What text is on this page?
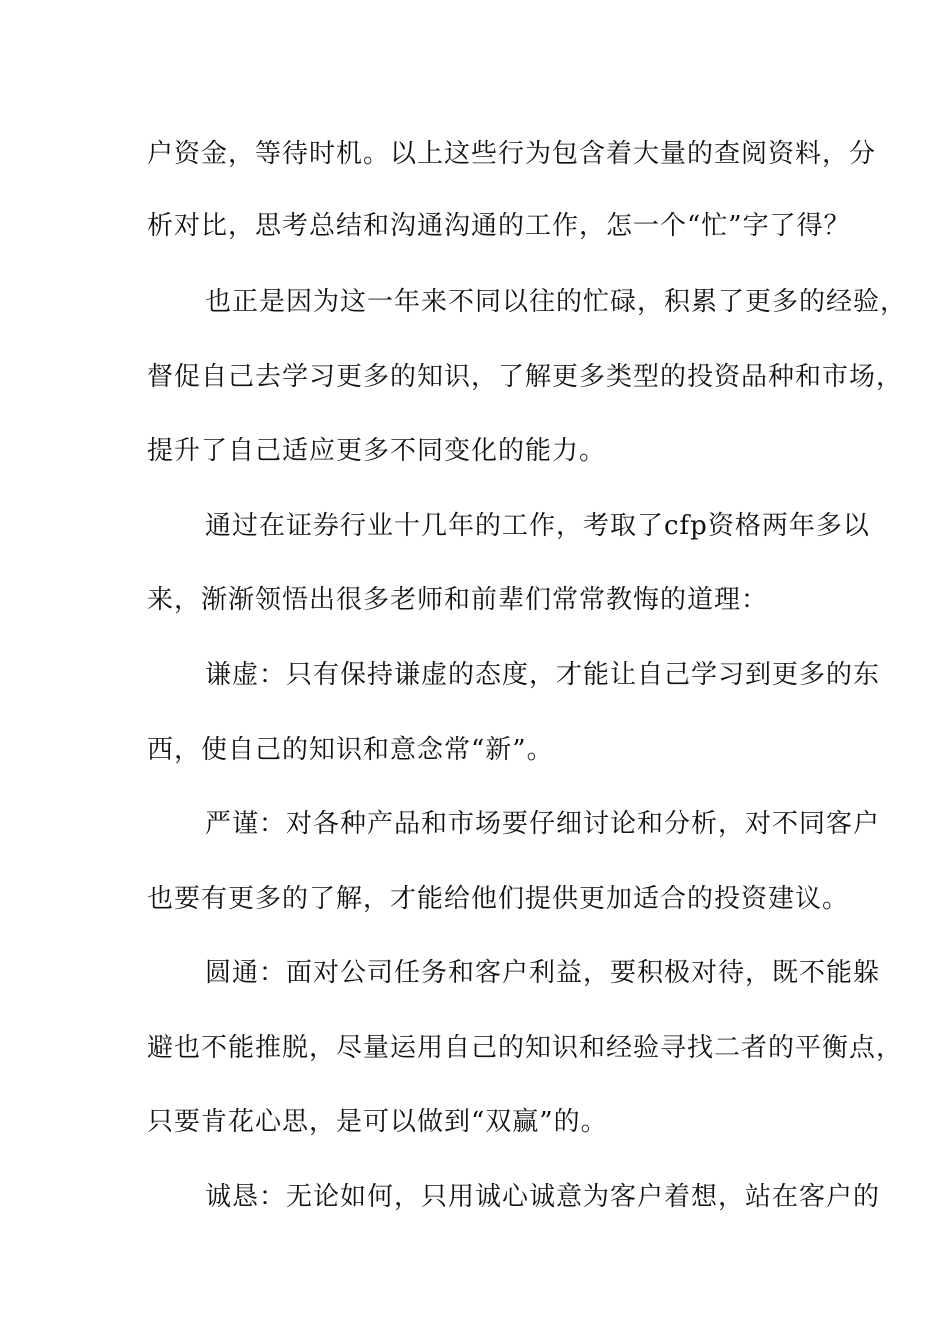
户资金，等待时机。以上这些行为包含着大量的查阅资料，分
析对比，思考总结和沟通沟通的工作，怎一个“忙”字了得？
也正是因为这一年来不同以往的忙碌，积累了更多的经验，
督促自己去学习更多的知识，了解更多类型的投资品种和市场，
提升了自己适应更多不同变化的能力。
通过在证券行业十几年的工作，考取了cfp资格两年多以
来，渐渐领悟出很多老师和前辈们常常教悔的道理：
谦虚：只有保持谦虚的态度，才能让自己学习到更多的东
西，使自己的知识和意念常“新”。
严谨：对各种产品和市场要仔细讨论和分析，对不同客户
也要有更多的了解，才能给他们提供更加适合的投资建议。
圆通：面对公司任务和客户利益，要积极对待，既不能躲
避也不能推脱，尽量运用自己的知识和经验寻找二者的平衡点，
只要肯花心思，是可以做到“双赢”的。
诚恳：无论如何，只用诚心诚意为客户着想，站在客户的
